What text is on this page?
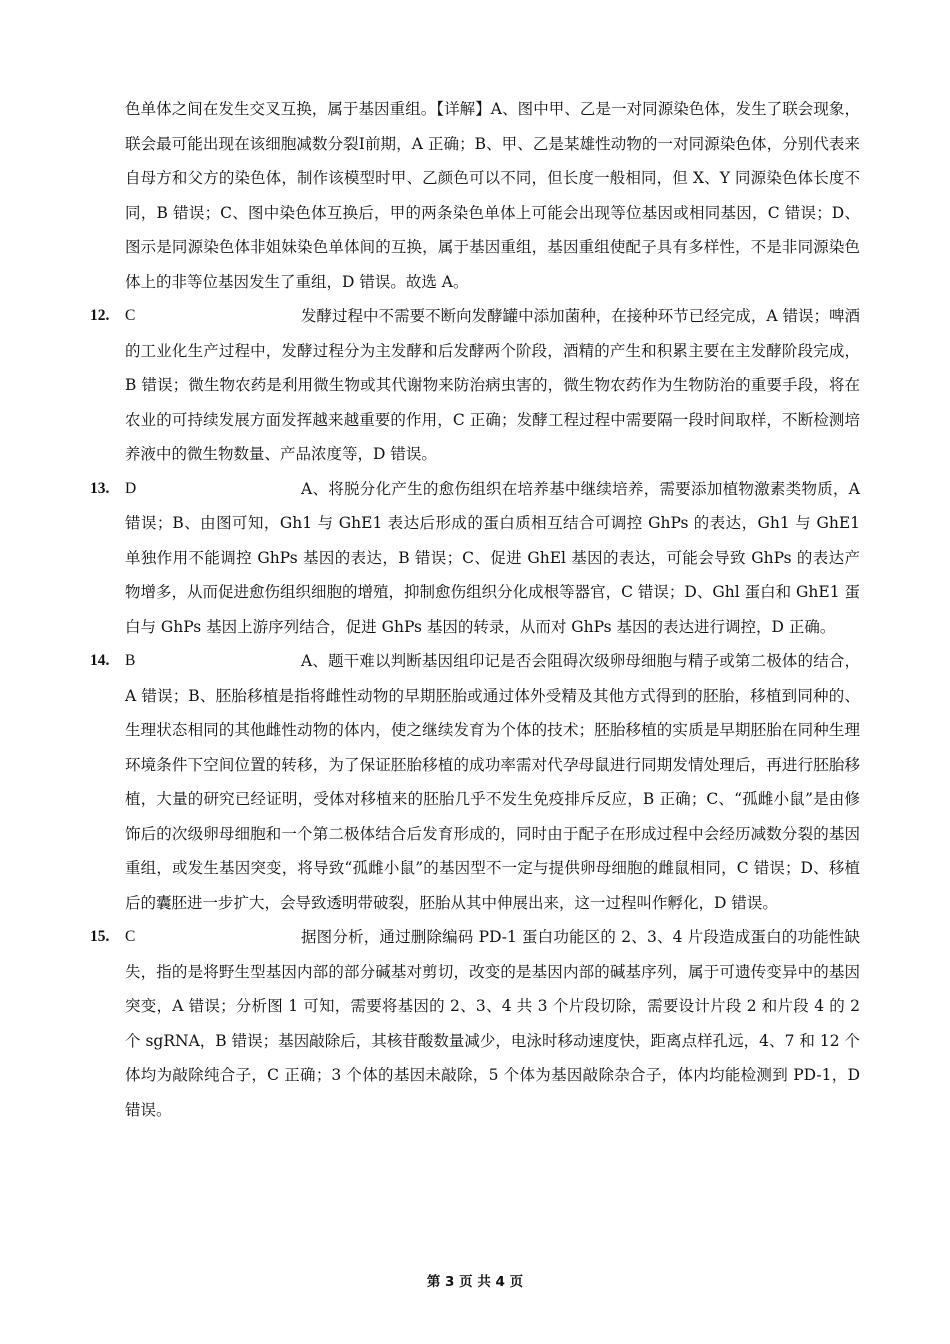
色单体之间在发生交叉互换，属于基因重组。【详解】A、图中甲、乙是一对同源染色体，发生了联会现象，联会最可能出现在该细胞减数分裂Ⅰ前期，A 正确；B、甲、乙是某雄性动物的一对同源染色体，分别代表来自母方和父方的染色体，制作该模型时甲、乙颜色可以不同，但长度一般相同，但 X、Y 同源染色体长度不同，B 错误；C、图中染色体互换后，甲的两条染色单体上可能会出现等位基因或相同基因，C 错误；D、图示是同源染色体非姐妹染色单体间的互换，属于基因重组，基因重组使配子具有多样性，不是非同源染色体上的非等位基因发生了重组，D 错误。故选 A。

12. C	发酵过程中不需要不断向发酵罐中添加菌种，在接种环节已经完成，A 错误；啤酒的工业化生产过程中，发酵过程分为主发酵和后发酵两个阶段，酒精的产生和积累主要在主发酵阶段完成，B 错误；微生物农药是利用微生物或其代谢物来防治病虫害的，微生物农药作为生物防治的重要手段，将在农业的可持续发展方面发挥越来越重要的作用，C 正确；发酵工程过程中需要隔一段时间取样，不断检测培养液中的微生物数量、产品浓度等，D 错误。

13. D	A、将脱分化产生的愈伤组织在培养基中继续培养，需要添加植物激素类物质，A 错误；B、由图可知，Gh1 与 GhE1 表达后形成的蛋白质相互结合可调控 GhPs 的表达，Gh1 与 GhE1 单独作用不能调控 GhPs 基因的表达，B 错误；C、促进 GhEl 基因的表达，可能会导致 GhPs 的表达产物增多，从而促进愈伤组织细胞的增殖，抑制愈伤组织分化成根等器官，C 错误；D、Ghl 蛋白和 GhE1 蛋白与 GhPs 基因上游序列结合，促进 GhPs 基因的转录，从而对 GhPs 基因的表达进行调控，D 正确。

14. B	A、题干难以判断基因组印记是否会阻碍次级卵母细胞与精子或第二极体的结合，A 错误；B、胚胎移植是指将雌性动物的早期胚胎或通过体外受精及其他方式得到的胚胎，移植到同种的、生理状态相同的其他雌性动物的体内，使之继续发育为个体的技术；胚胎移植的实质是早期胚胎在同种生理环境条件下空间位置的转移，为了保证胚胎移植的成功率需对代孕母鼠进行同期发情处理后，再进行胚胎移植，大量的研究已经证明，受体对移植来的胚胎几乎不发生免疫排斥反应，B 正确；C、“孤雌小鼠”是由修饰后的次级卵母细胞和一个第二极体结合后发育形成的，同时由于配子在形成过程中会经历减数分裂的基因重组，或发生基因突变，将导致“孤雌小鼠”的基因型不一定与提供卵母细胞的雌鼠相同，C 错误；D、移植后的囊胚进一步扩大，会导致透明带破裂，胚胎从其中伸展出来，这一过程叫作孵化，D 错误。

15. C	据图分析，通过删除编码 PD-1 蛋白功能区的 2、3、4 片段造成蛋白的功能性缺失，指的是将野生型基因内部的部分碱基对剪切，改变的是基因内部的碱基序列，属于可遗传变异中的基因突变，A 错误；分析图 1 可知，需要将基因的 2、3、4 共 3 个片段切除，需要设计片段 2 和片段 4 的 2 个 sgRNA，B 错误；基因敲除后，其核苷酸数量减少，电泳时移动速度快，距离点样孔远，4、7 和 12 个体均为敲除纯合子，C 正确；3 个体的基因未敲除，5 个体为基因敲除杂合子，体内均能检测到 PD-1，D 错误。

第 3 页 共 4 页
